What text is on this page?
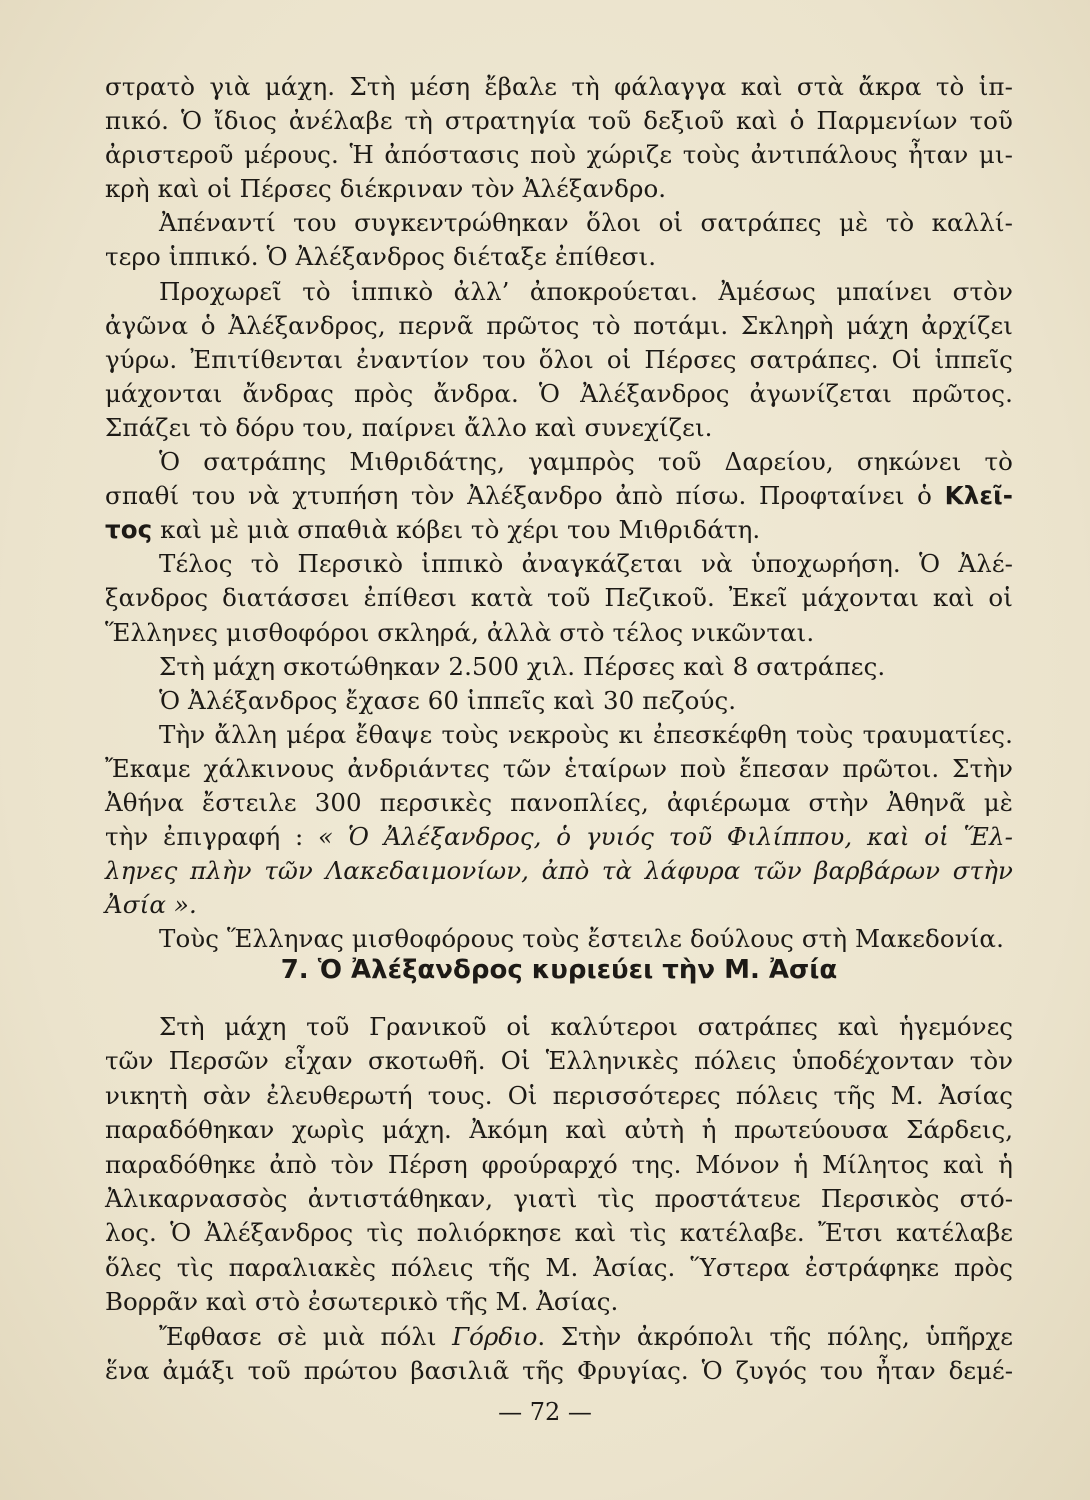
στρατὸ γιὰ μάχη. Στὴ μέση ἔβαλε τὴ φάλαγγα καὶ στὰ ἄκρα τὸ ἱπ-
πικό. Ὁ ἴδιος ἀνέλαβε τὴ στρατηγία τοῦ δεξιοῦ καὶ ὁ Παρμενίων τοῦ
ἀριστεροῦ μέρους. Ἡ ἀπόστασις ποὺ χώριζε τοὺς ἀντιπάλους ἦταν μι-
κρὴ καὶ οἱ Πέρσες διέκριναν τὸν Ἀλέξανδρο.

Ἀπέναντί του συγκεντρώθηκαν ὅλοι οἱ σατράπες μὲ τὸ καλλί-
τερο ἱππικό. Ὁ Ἀλέξανδρος διέταξε ἐπίθεσι.

Προχωρεῖ τὸ ἱππικὸ ἀλλ’ ἀποκρούεται. Ἀμέσως μπαίνει στὸν
ἀγῶνα ὁ Ἀλέξανδρος, περνᾶ πρῶτος τὸ ποτάμι. Σκληρὴ μάχη ἀρχίζει
γύρω. Ἐπιτίθενται ἐναντίον του ὅλοι οἱ Πέρσες σατράπες. Οἱ ἱππεῖς
μάχονται ἄνδρας πρὸς ἄνδρα. Ὁ Ἀλέξανδρος ἀγωνίζεται πρῶτος.
Σπάζει τὸ δόρυ του, παίρνει ἄλλο καὶ συνεχίζει.

Ὁ σατράπης Μιθριδάτης, γαμπρὸς τοῦ Δαρείου, σηκώνει τὸ
σπαθί του νὰ χτυπήση τὸν Ἀλέξανδρο ἀπὸ πίσω. Προφταίνει ὁ Κλεῖ-
τος καὶ μὲ μιὰ σπαθιὰ κόβει τὸ χέρι του Μιθριδάτη.

Τέλος τὸ Περσικὸ ἱππικὸ ἀναγκάζεται νὰ ὑποχωρήση. Ὁ Ἀλέ-
ξανδρος διατάσσει ἐπίθεσι κατὰ τοῦ Πεζικοῦ. Ἐκεῖ μάχονται καὶ οἱ
Ἕλληνες μισθοφόροι σκληρά, ἀλλὰ στὸ τέλος νικῶνται.

Στὴ μάχη σκοτώθηκαν 2.500 χιλ. Πέρσες καὶ 8 σατράπες.

Ὁ Ἀλέξανδρος ἔχασε 60 ἱππεῖς καὶ 30 πεζούς.

Τὴν ἄλλη μέρα ἔθαψε τοὺς νεκροὺς κι ἐπεσκέφθη τοὺς τραυματίες.
Ἔκαμε χάλκινους ἀνδριάντες τῶν ἑταίρων ποὺ ἔπεσαν πρῶτοι. Στὴν
Ἀθήνα ἔστειλε 300 περσικὲς πανοπλίες, ἀφιέρωμα στὴν Ἀθηνᾶ μὲ
τὴν ἐπιγραφή : « Ὁ Ἀλέξανδρος, ὁ γυιός τοῦ Φιλίππου, καὶ οἱ Ἕλ-
ληνες πλὴν τῶν Λακεδαιμονίων, ἀπὸ τὰ λάφυρα τῶν βαρβάρων στὴν
Ἀσία ».

Τοὺς Ἕλληνας μισθοφόρους τοὺς ἔστειλε δούλους στὴ Μακεδονία.

7. Ὁ Ἀλέξανδρος κυριεύει τὴν Μ. Ἀσία

Στὴ μάχη τοῦ Γρανικοῦ οἱ καλύτεροι σατράπες καὶ ἡγεμόνες
τῶν Περσῶν εἶχαν σκοτωθῆ. Οἱ Ἑλληνικὲς πόλεις ὑποδέχονταν τὸν
νικητὴ σὰν ἐλευθερωτή τους. Οἱ περισσότερες πόλεις τῆς Μ. Ἀσίας
παραδόθηκαν χωρὶς μάχη. Ἀκόμη καὶ αὐτὴ ἡ πρωτεύουσα Σάρδεις,
παραδόθηκε ἀπὸ τὸν Πέρση φρούραρχό της. Μόνον ἡ Μίλητος καὶ ἡ
Ἀλικαρνασσὸς ἀντιστάθηκαν, γιατὶ τὶς προστάτευε Περσικὸς στό-
λος. Ὁ Ἀλέξανδρος τὶς πολιόρκησε καὶ τὶς κατέλαβε. Ἔτσι κατέλαβε
ὅλες τὶς παραλιακὲς πόλεις τῆς Μ. Ἀσίας. Ὕστερα ἐστράφηκε πρὸς
Βορρᾶν καὶ στὸ ἐσωτερικὸ τῆς Μ. Ἀσίας.

Ἔφθασε σὲ μιὰ πόλι Γόρδιο. Στὴν ἀκρόπολι τῆς πόλης, ὑπῆρχε
ἕνα ἀμάξι τοῦ πρώτου βασιλιᾶ τῆς Φρυγίας. Ὁ ζυγός του ἦταν δεμέ-

— 72 —
